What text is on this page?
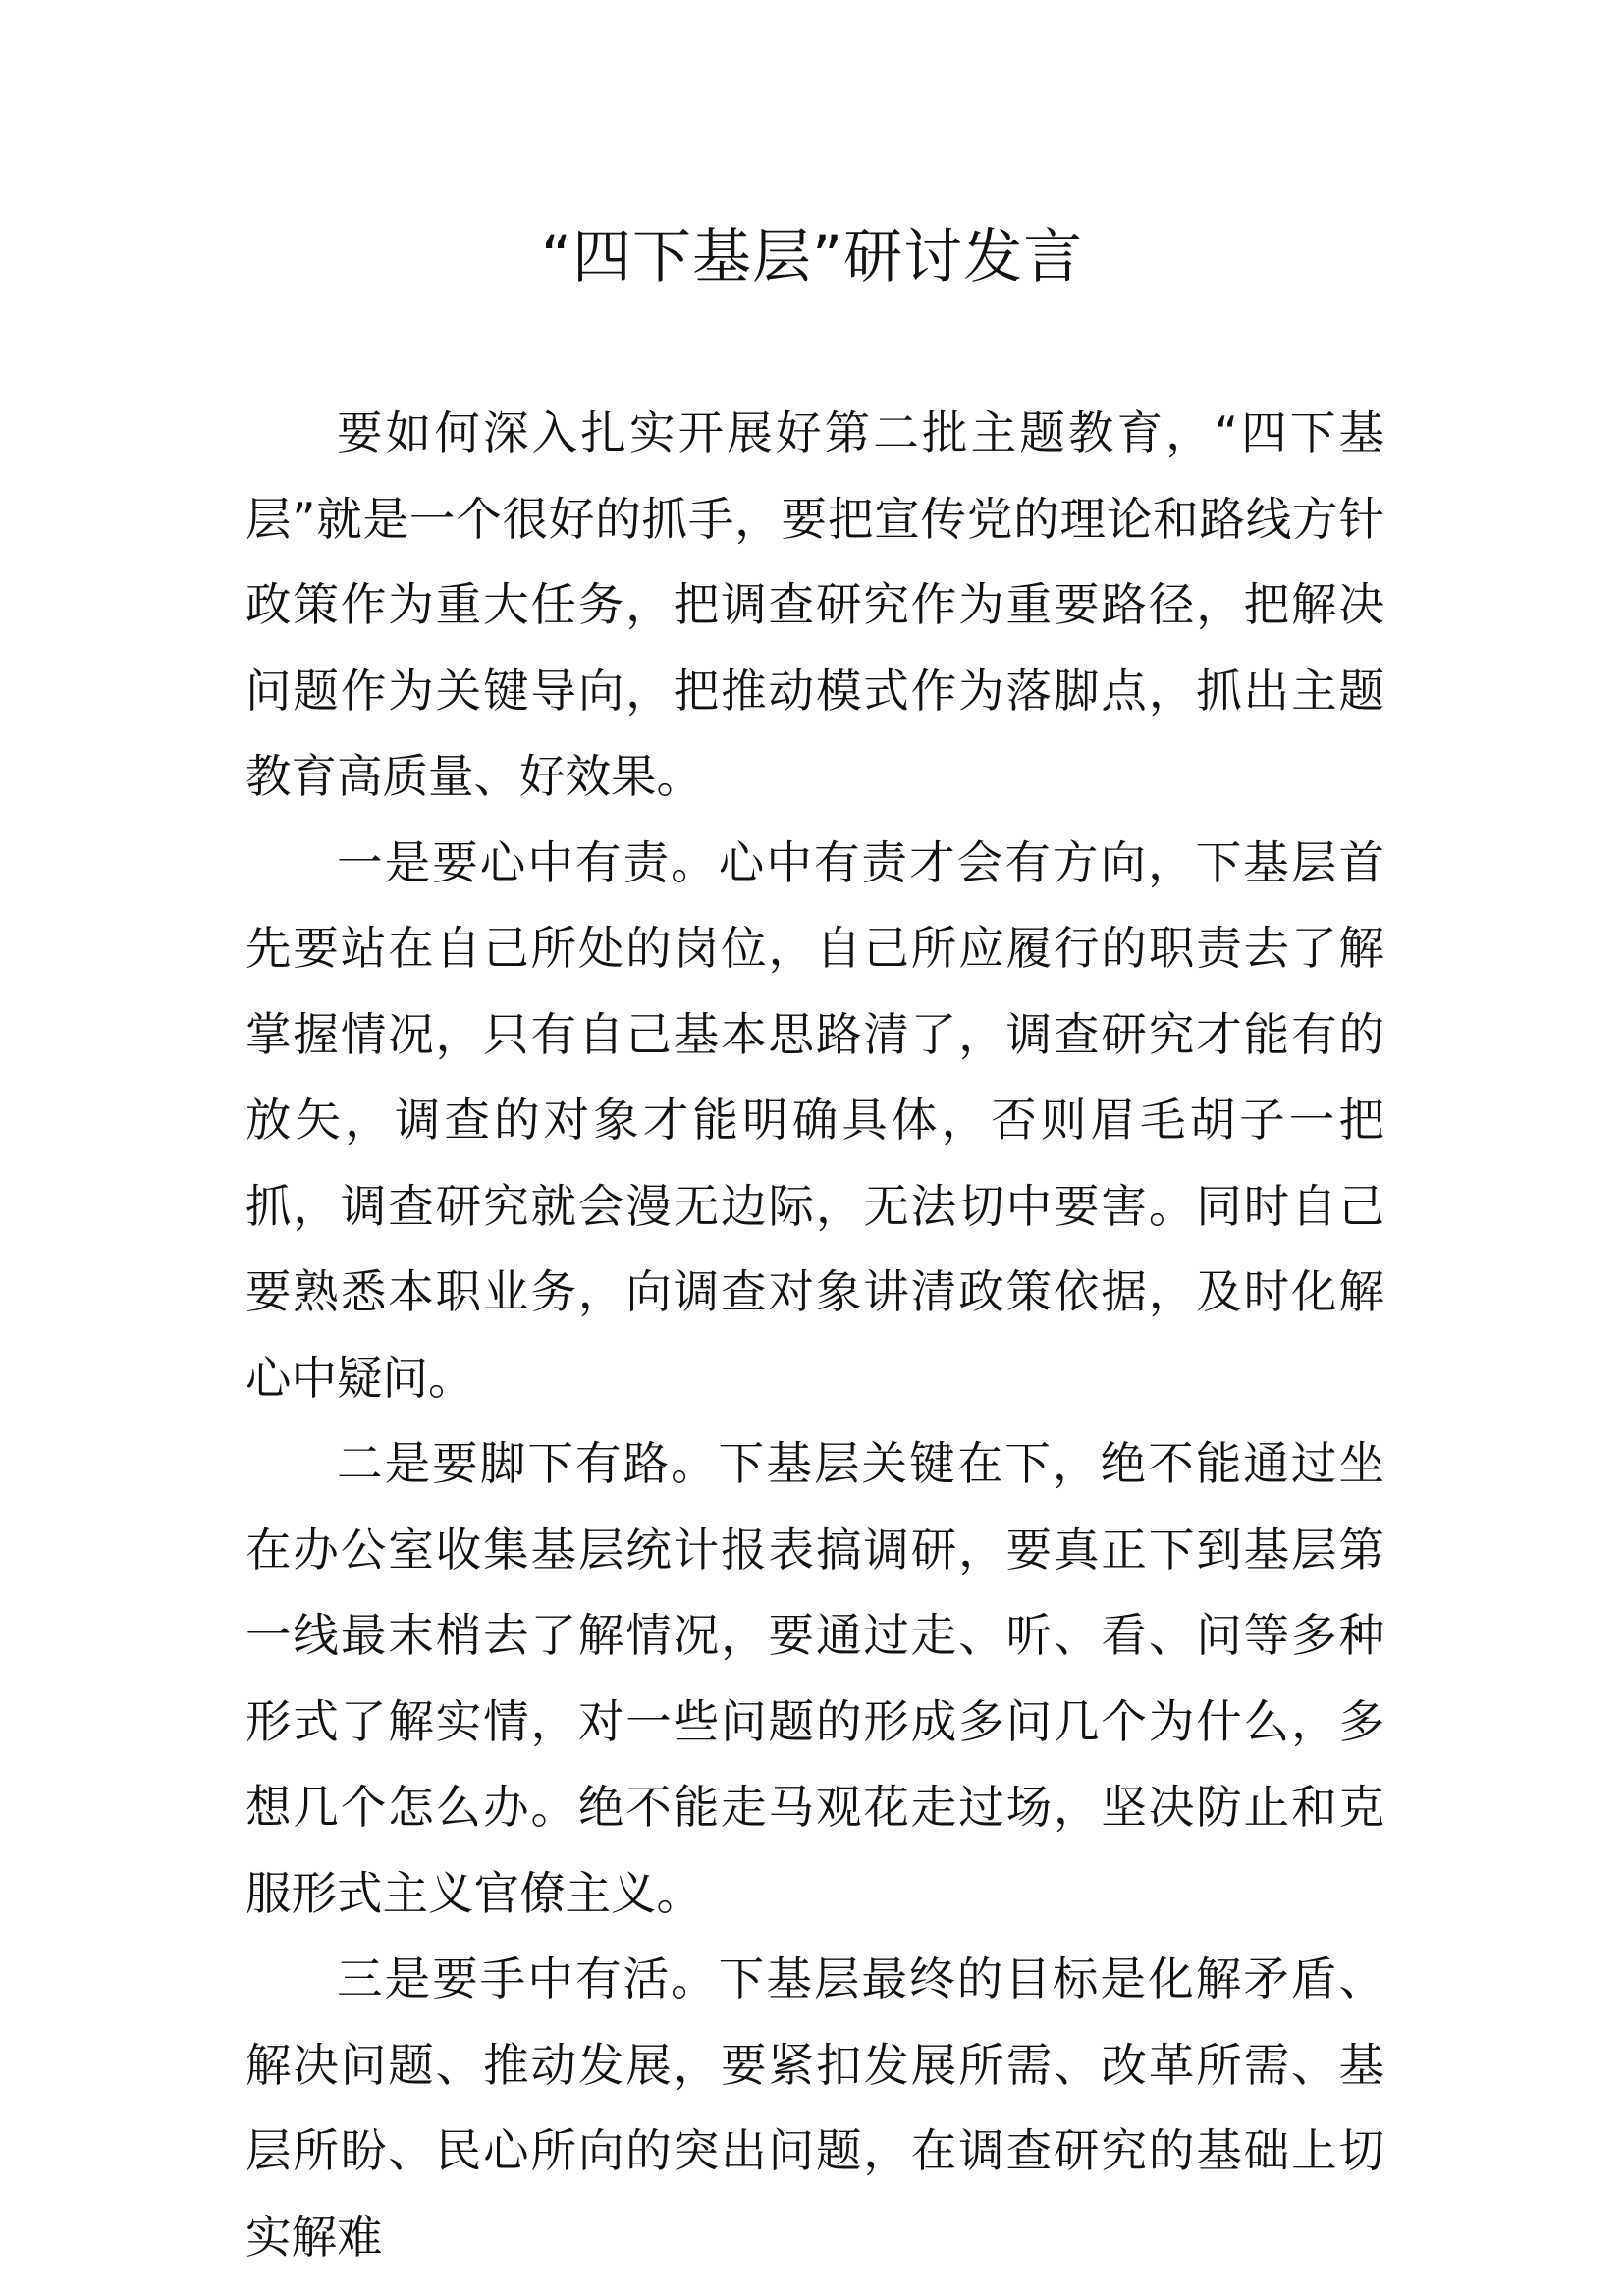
“四下基层”研讨发言

要如何深入扎实开展好第二批主题教育，“四下基层”就是一个很好的抓手，要把宣传党的理论和路线方针政策作为重大任务，把调查研究作为重要路径，把解决问题作为关键导向，把推动模式作为落脚点，抓出主题教育高质量、好效果。

一是要心中有责。心中有责才会有方向，下基层首先要站在自己所处的岗位，自己所应履行的职责去了解掌握情况，只有自己基本思路清了，调查研究才能有的放矢，调查的对象才能明确具体，否则眉毛胡子一把抓，调查研究就会漫无边际，无法切中要害。同时自己要熟悉本职业务，向调查对象讲清政策依据，及时化解心中疑问。

二是要脚下有路。下基层关键在下，绝不能通过坐在办公室收集基层统计报表搞调研，要真正下到基层第一线最末梢去了解情况，要通过走、听、看、问等多种形式了解实情，对一些问题的形成多问几个为什么，多想几个怎么办。绝不能走马观花走过场，坚决防止和克服形式主义官僚主义。

三是要手中有活。下基层最终的目标是化解矛盾、解决问题、推动发展，要紧扣发展所需、改革所需、基层所盼、民心所向的突出问题，在调查研究的基础上切实解难
